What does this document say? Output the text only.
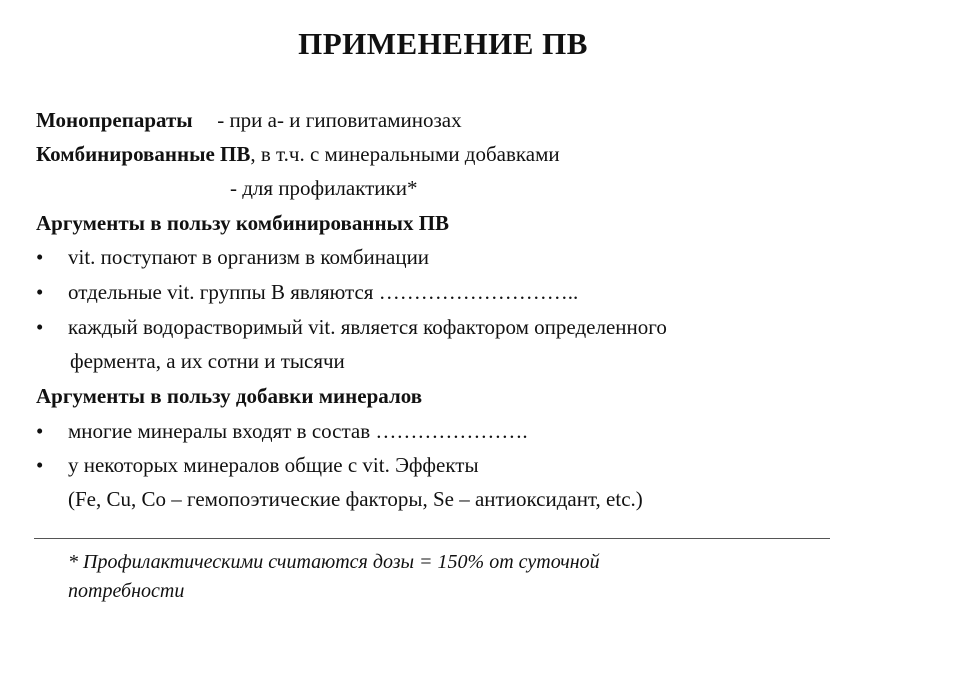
ПРИМЕНЕНИЕ ПВ
Монопрепараты - при а- и гиповитаминозах
Комбинированные ПВ, в т.ч. с минеральными добавками
- для профилактики*
Аргументы в пользу комбинированных ПВ
• vit. поступают в организм в комбинации
• отдельные vit. группы В являются ………………………..
• каждый водорастворимый vit. является кофактором определенного
фермента, а их сотни и тысячи
Аргументы в пользу добавки минералов
• многие минералы входят в состав ………………….
• у некоторых минералов общие с vit. Эффекты
(Fe, Cu, Co – гемопоэтические факторы, Se – антиоксидант, etc.)
* Профилактическими считаются дозы = 150% от суточной
потребности
